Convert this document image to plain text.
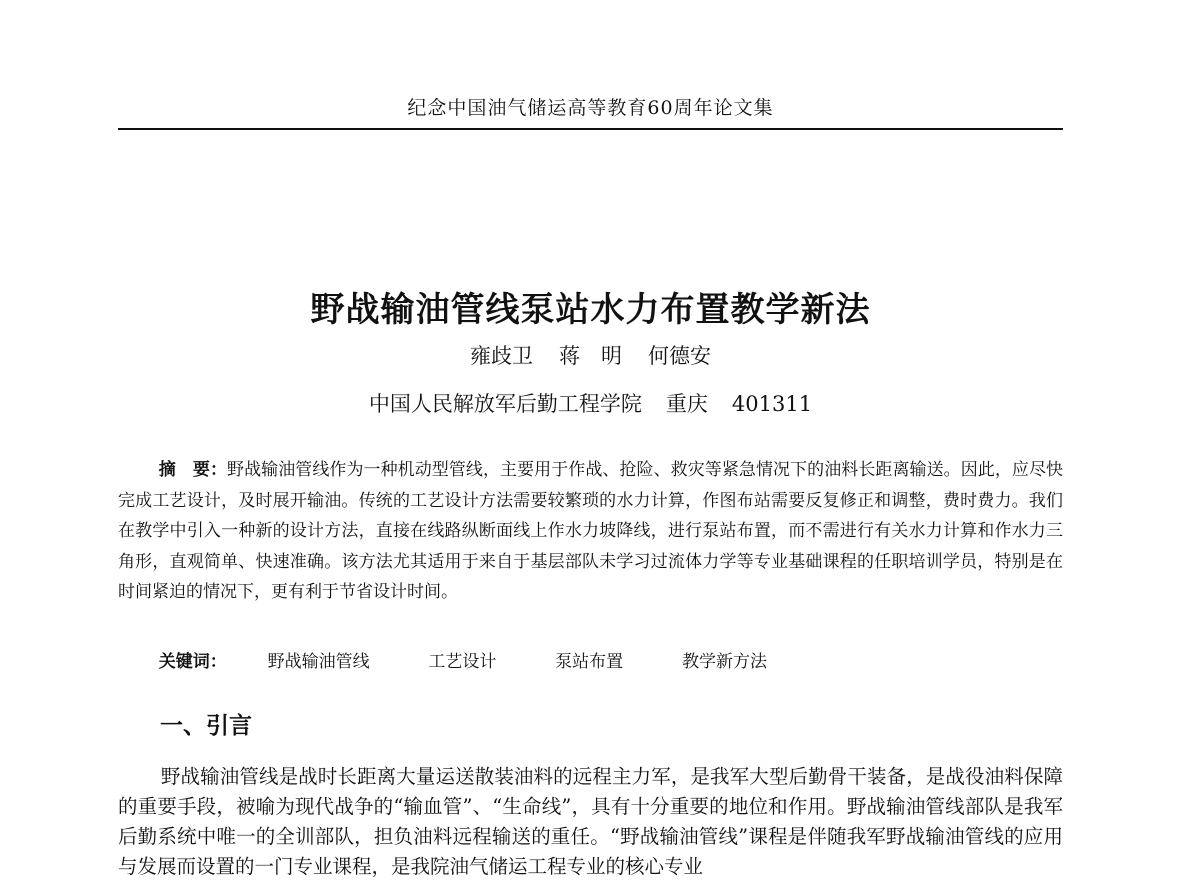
纪念中国油气储运高等教育60周年论文集
野战输油管线泵站水力布置教学新法
雍歧卫 蒋　明 何德安
中国人民解放军后勤工程学院 重庆 401311
摘　要：野战输油管线作为一种机动型管线，主要用于作战、抢险、救灾等紧急情况下的油料长距离输送。因此，应尽快完成工艺设计，及时展开输油。传统的工艺设计方法需要较繁琐的水力计算，作图布站需要反复修正和调整，费时费力。我们在教学中引入一种新的设计方法，直接在线路纵断面线上作水力坡降线，进行泵站布置，而不需进行有关水力计算和作水力三角形，直观简单、快速准确。该方法尤其适用于来自于基层部队未学习过流体力学等专业基础课程的任职培训学员，特别是在时间紧迫的情况下，更有利于节省设计时间。
关键词： 野战输油管线	工艺设计	泵站布置	教学新方法
一、引言
野战输油管线是战时长距离大量运送散装油料的远程主力军，是我军大型后勤骨干装备，是战役油料保障的重要手段，被喻为现代战争的“输血管”、“生命线”，具有十分重要的地位和作用。野战输油管线部队是我军后勤系统中唯一的全训部队，担负油料远程输送的重任。“野战输油管线”课程是伴随我军野战输油管线的应用与发展而设置的一门专业课程，是我院油气储运工程专业的核心专业
